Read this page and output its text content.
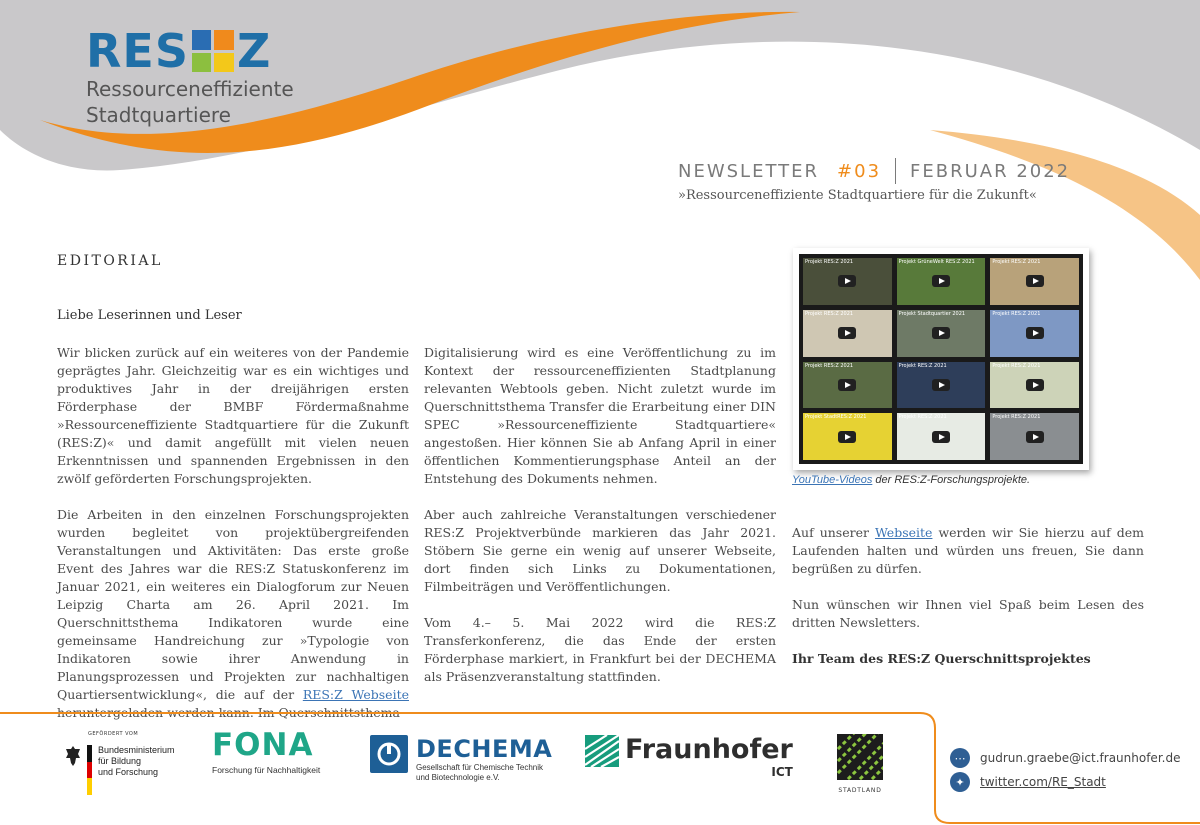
RES Z
Ressourceneffiziente
Stadtquartiere
NEWSLETTER #03 FEBRUAR 2022
»Ressourceneffiziente Stadtquartiere für die Zukunft«
EDITORIAL
Liebe Leserinnen und Leser

Wir blicken zurück auf ein weiteres von der Pandemie geprägtes Jahr. Gleichzeitig war es ein wichtiges und produktives Jahr in der dreijährigen ersten Förderphase der BMBF Fördermaßnahme »Ressourceneffiziente Stadtquartiere für die Zukunft (RES:Z)« und damit angefüllt mit vielen neuen Erkenntnissen und spannenden Ergebnissen in den zwölf geförderten Forschungsprojekten.

Die Arbeiten in den einzelnen Forschungsprojekten wurden begleitet von projektübergreifenden Veranstaltungen und Aktivitäten: Das erste große Event des Jahres war die RES:Z Statuskonferenz im Januar 2021, ein weiteres ein Dialogforum zur Neuen Leipzig Charta am 26. April 2021. Im Querschnittsthema Indikatoren wurde eine gemeinsame Handreichung zur »Typologie von Indikatoren sowie ihrer Anwendung in Planungsprozessen und Projekten zur nachhaltigen Quartiersentwicklung«, die auf der RES:Z Webseite heruntergeladen werden kann. Im Querschnittsthema

Digitalisierung wird es eine Veröffentlichung zu im Kontext der ressourceneffizienten Stadtplanung relevanten Webtools geben. Nicht zuletzt wurde im Querschnittsthema Transfer die Erarbeitung einer DIN SPEC »Ressourceneffiziente Stadtquartiere« angestoßen. Hier können Sie ab Anfang April in einer öffentlichen Kommentierungsphase Anteil an der Entstehung des Dokuments nehmen.

Aber auch zahlreiche Veranstaltungen verschiedener RES:Z Projektverbünde markieren das Jahr 2021. Stöbern Sie gerne ein wenig auf unserer Webseite, dort finden sich Links zu Dokumentationen, Filmbeiträgen und Veröffentlichungen.

Vom 4.– 5. Mai 2022 wird die RES:Z Transferkonferenz, die das Ende der ersten Förderphase markiert, in Frankfurt bei der DECHEMA als Präsenzveranstaltung stattfinden.

Projekt RES:Z 2021	Projekt GrüneWelt RES:Z 2021	Projekt RES:Z 2021
Projekt RES:Z 2021	Projekt Stadtquartier 2021	Projekt RES:Z 2021
Projekt RES:Z 2021	Projekt RES:Z 2021	Projekt RES:Z 2021
Projekt StadtRES:Z 2021	Projekt RES:Z 2021	Projekt RES:Z 2021
YouTube-Videos der RES:Z-Forschungsprojekte.

Auf unserer Webseite werden wir Sie hierzu auf dem Laufenden halten und würden uns freuen, Sie dann begrüßen zu dürfen.

Nun wünschen wir Ihnen viel Spaß beim Lesen des dritten Newsletters.

Ihr Team des RES:Z Querschnittsprojektes

GEFÖRDERT VOM
Bundesministerium
für Bildung
und Forschung
FONA
Forschung für Nachhaltigkeit
DECHEMA
Gesellschaft für Chemische Technik
und Biotechnologie e.V.
Fraunhofer
ICT
STADTLAND
⋯	gudrun.graebe@ict.fraunhofer.de
✦	twitter.com/RE_Stadt
